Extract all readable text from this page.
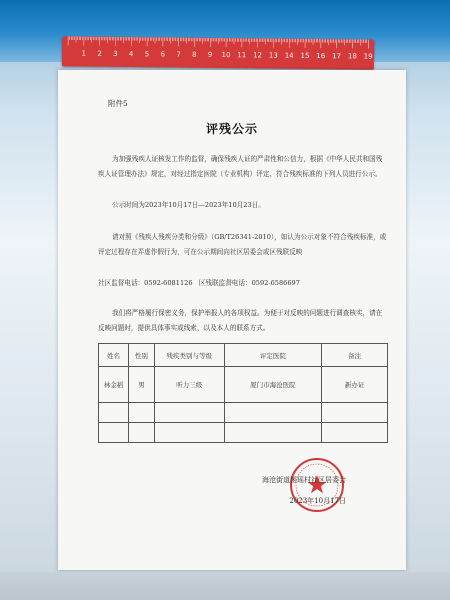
1 2 3 4 5 6 7 8 9 10 11 12 13 14 15 16 17 18 19
附件5
评残公示
为加强残疾人证核发工作的监督，确保残疾人证的严肃性和公信力，根据《中华人民共和国残疾人证管理办法》规定，对经过指定医院（专业机构）评定、符合残疾标准的下列人员进行公示。
公示时间为2023年10月17日—2023年10月23日。
请对照《残疾人残疾分类和分级》（GB/T26341-2010），如认为公示对象不符合残疾标准，或评定过程存在弄虚作假行为，可在公示期间向社区居委会或区残联反映
社区监督电话：0592-6081126 区残联监督电话：0592-6586697
我们将严格履行保密义务，保护举报人的各项权益。为便于对反映的问题进行调查核实，请在反映问题时，提供具体事实或线索，以及本人的联系方式。
姓名	性别	残疾类别与等级	评定医院	备注
林金稻	男	听力三级	厦门市海沧医院	新办证

海沧街道囷瑶村社区居委会
2023年10月17日
